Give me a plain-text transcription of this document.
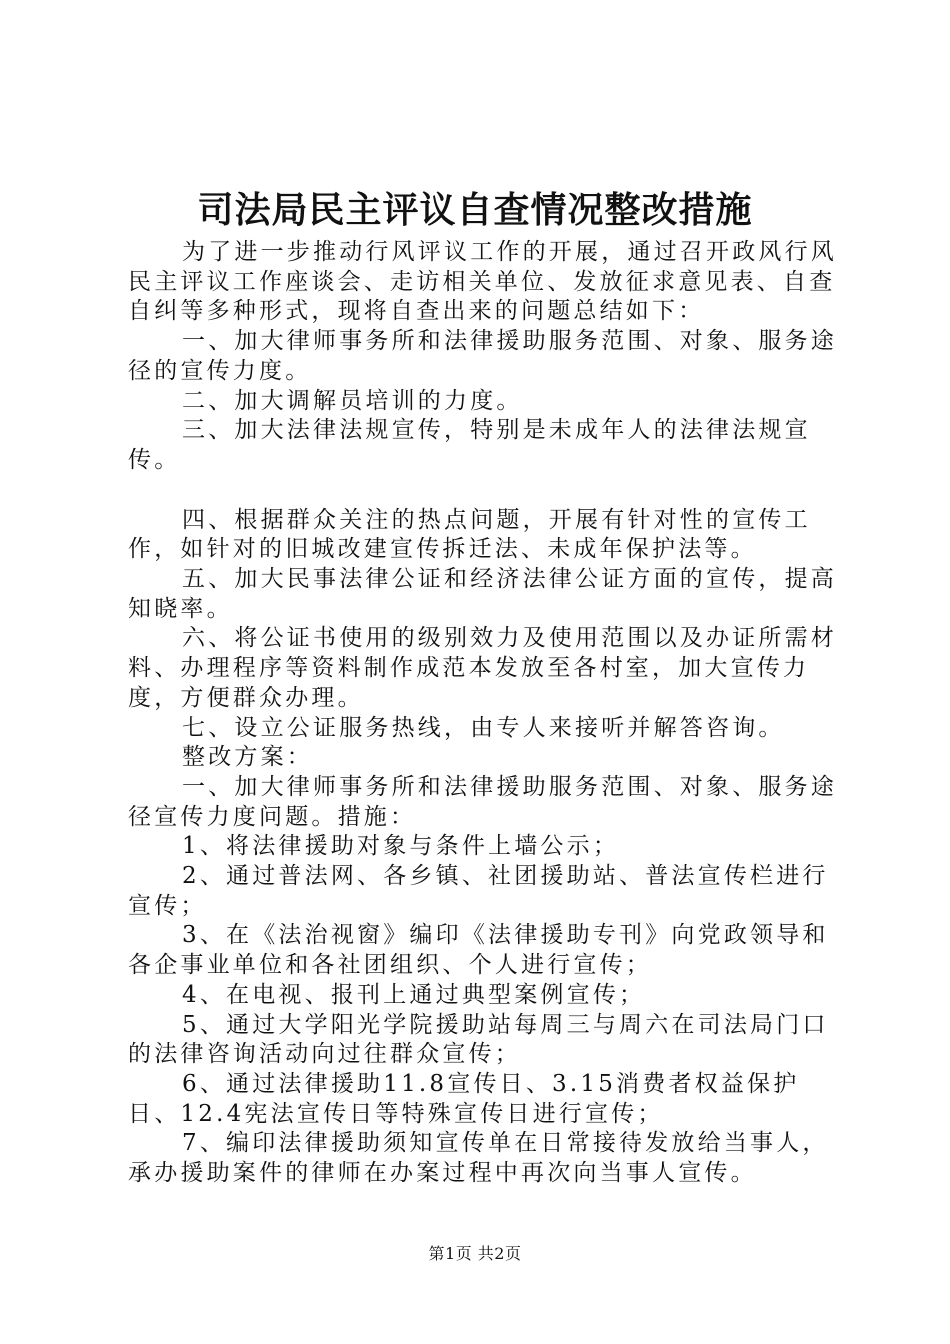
司法局民主评议自查情况整改措施

为了进一步推动行风评议工作的开展，通过召开政风行风民主评议工作座谈会、走访相关单位、发放征求意见表、自查自纠等多种形式，现将自查出来的问题总结如下：

一、加大律师事务所和法律援助服务范围、对象、服务途径的宣传力度。

二、加大调解员培训的力度。

三、加大法律法规宣传，特别是未成年人的法律法规宣传。

四、根据群众关注的热点问题，开展有针对性的宣传工作，如针对的旧城改建宣传拆迁法、未成年保护法等。

五、加大民事法律公证和经济法律公证方面的宣传，提高知晓率。

六、将公证书使用的级别效力及使用范围以及办证所需材料、办理程序等资料制作成范本发放至各村室，加大宣传力度，方便群众办理。

七、设立公证服务热线，由专人来接听并解答咨询。

整改方案：

一、加大律师事务所和法律援助服务范围、对象、服务途径宣传力度问题。措施：

1、将法律援助对象与条件上墙公示；

2、通过普法网、各乡镇、社团援助站、普法宣传栏进行宣传；

3、在《法治视窗》编印《法律援助专刊》向党政领导和各企事业单位和各社团组织、个人进行宣传；

4、在电视、报刊上通过典型案例宣传；

5、通过大学阳光学院援助站每周三与周六在司法局门口的法律咨询活动向过往群众宣传；

6、通过法律援助11.8宣传日、3.15消费者权益保护日、12.4宪法宣传日等特殊宣传日进行宣传；

7、编印法律援助须知宣传单在日常接待发放给当事人，承办援助案件的律师在办案过程中再次向当事人宣传。

第1页 共2页
